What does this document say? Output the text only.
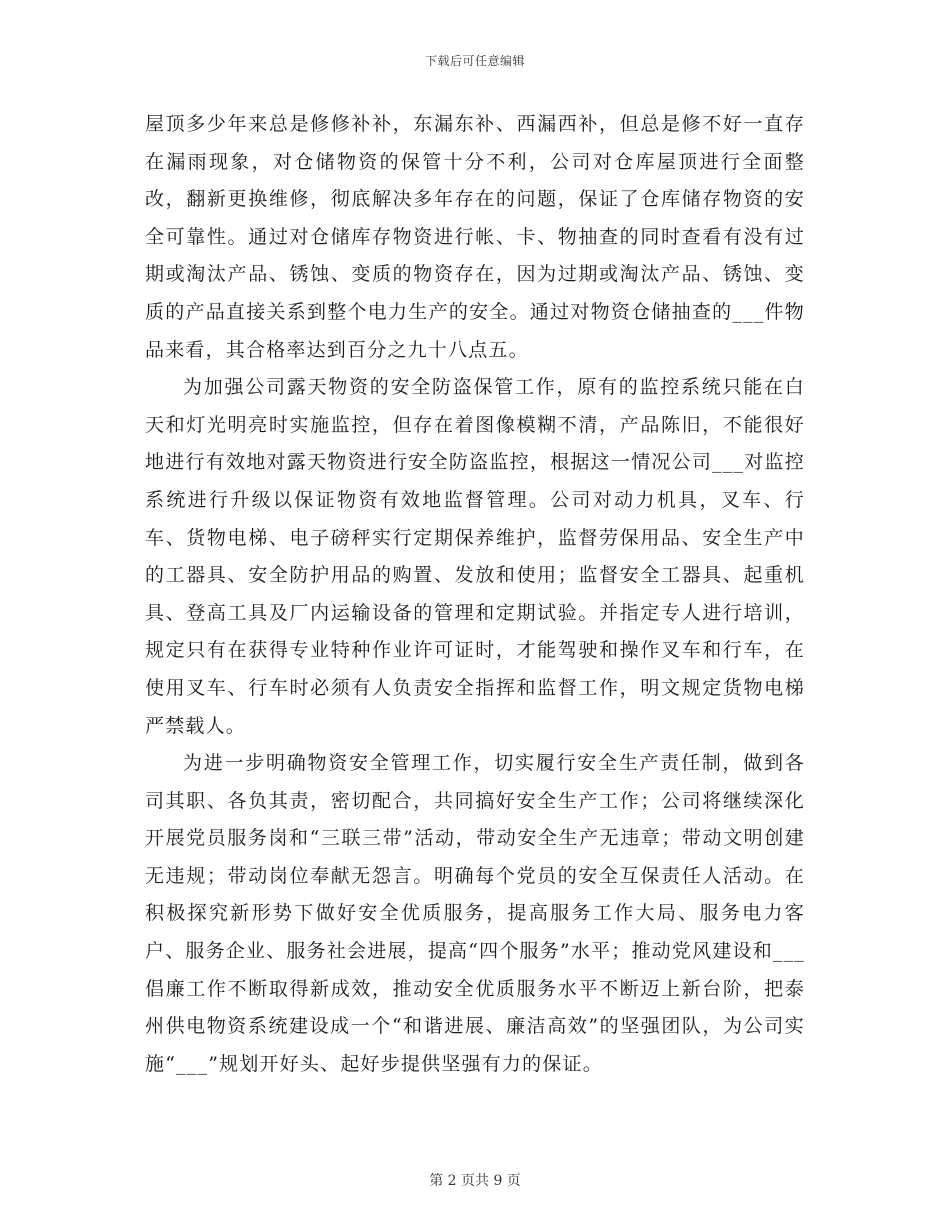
下载后可任意编辑

屋顶多少年来总是修修补补，东漏东补、西漏西补，但总是修不好一直存在漏雨现象，对仓储物资的保管十分不利，公司对仓库屋顶进行全面整改，翻新更换维修，彻底解决多年存在的问题，保证了仓库储存物资的安全可靠性。通过对仓储库存物资进行帐、卡、物抽查的同时查看有没有过期或淘汰产品、锈蚀、变质的物资存在，因为过期或淘汰产品、锈蚀、变质的产品直接关系到整个电力生产的安全。通过对物资仓储抽查的___件物品来看，其合格率达到百分之九十八点五。

为加强公司露天物资的安全防盗保管工作，原有的监控系统只能在白天和灯光明亮时实施监控，但存在着图像模糊不清，产品陈旧，不能很好地进行有效地对露天物资进行安全防盗监控，根据这一情况公司___对监控系统进行升级以保证物资有效地监督管理。公司对动力机具，叉车、行车、货物电梯、电子磅秤实行定期保养维护，监督劳保用品、安全生产中的工器具、安全防护用品的购置、发放和使用；监督安全工器具、起重机具、登高工具及厂内运输设备的管理和定期试验。并指定专人进行培训，规定只有在获得专业特种作业许可证时，才能驾驶和操作叉车和行车，在使用叉车、行车时必须有人负责安全指挥和监督工作，明文规定货物电梯严禁载人。

为进一步明确物资安全管理工作，切实履行安全生产责任制，做到各司其职、各负其责，密切配合，共同搞好安全生产工作；公司将继续深化开展党员服务岗和“三联三带”活动，带动安全生产无违章；带动文明创建无违规；带动岗位奉献无怨言。明确每个党员的安全互保责任人活动。在积极探究新形势下做好安全优质服务，提高服务工作大局、服务电力客户、服务企业、服务社会进展，提高“四个服务”水平；推动党风建设和___倡廉工作不断取得新成效，推动安全优质服务水平不断迈上新台阶，把泰州供电物资系统建设成一个“和谐进展、廉洁高效”的坚强团队，为公司实施“___”规划开好头、起好步提供坚强有力的保证。

第 2 页共 9 页
